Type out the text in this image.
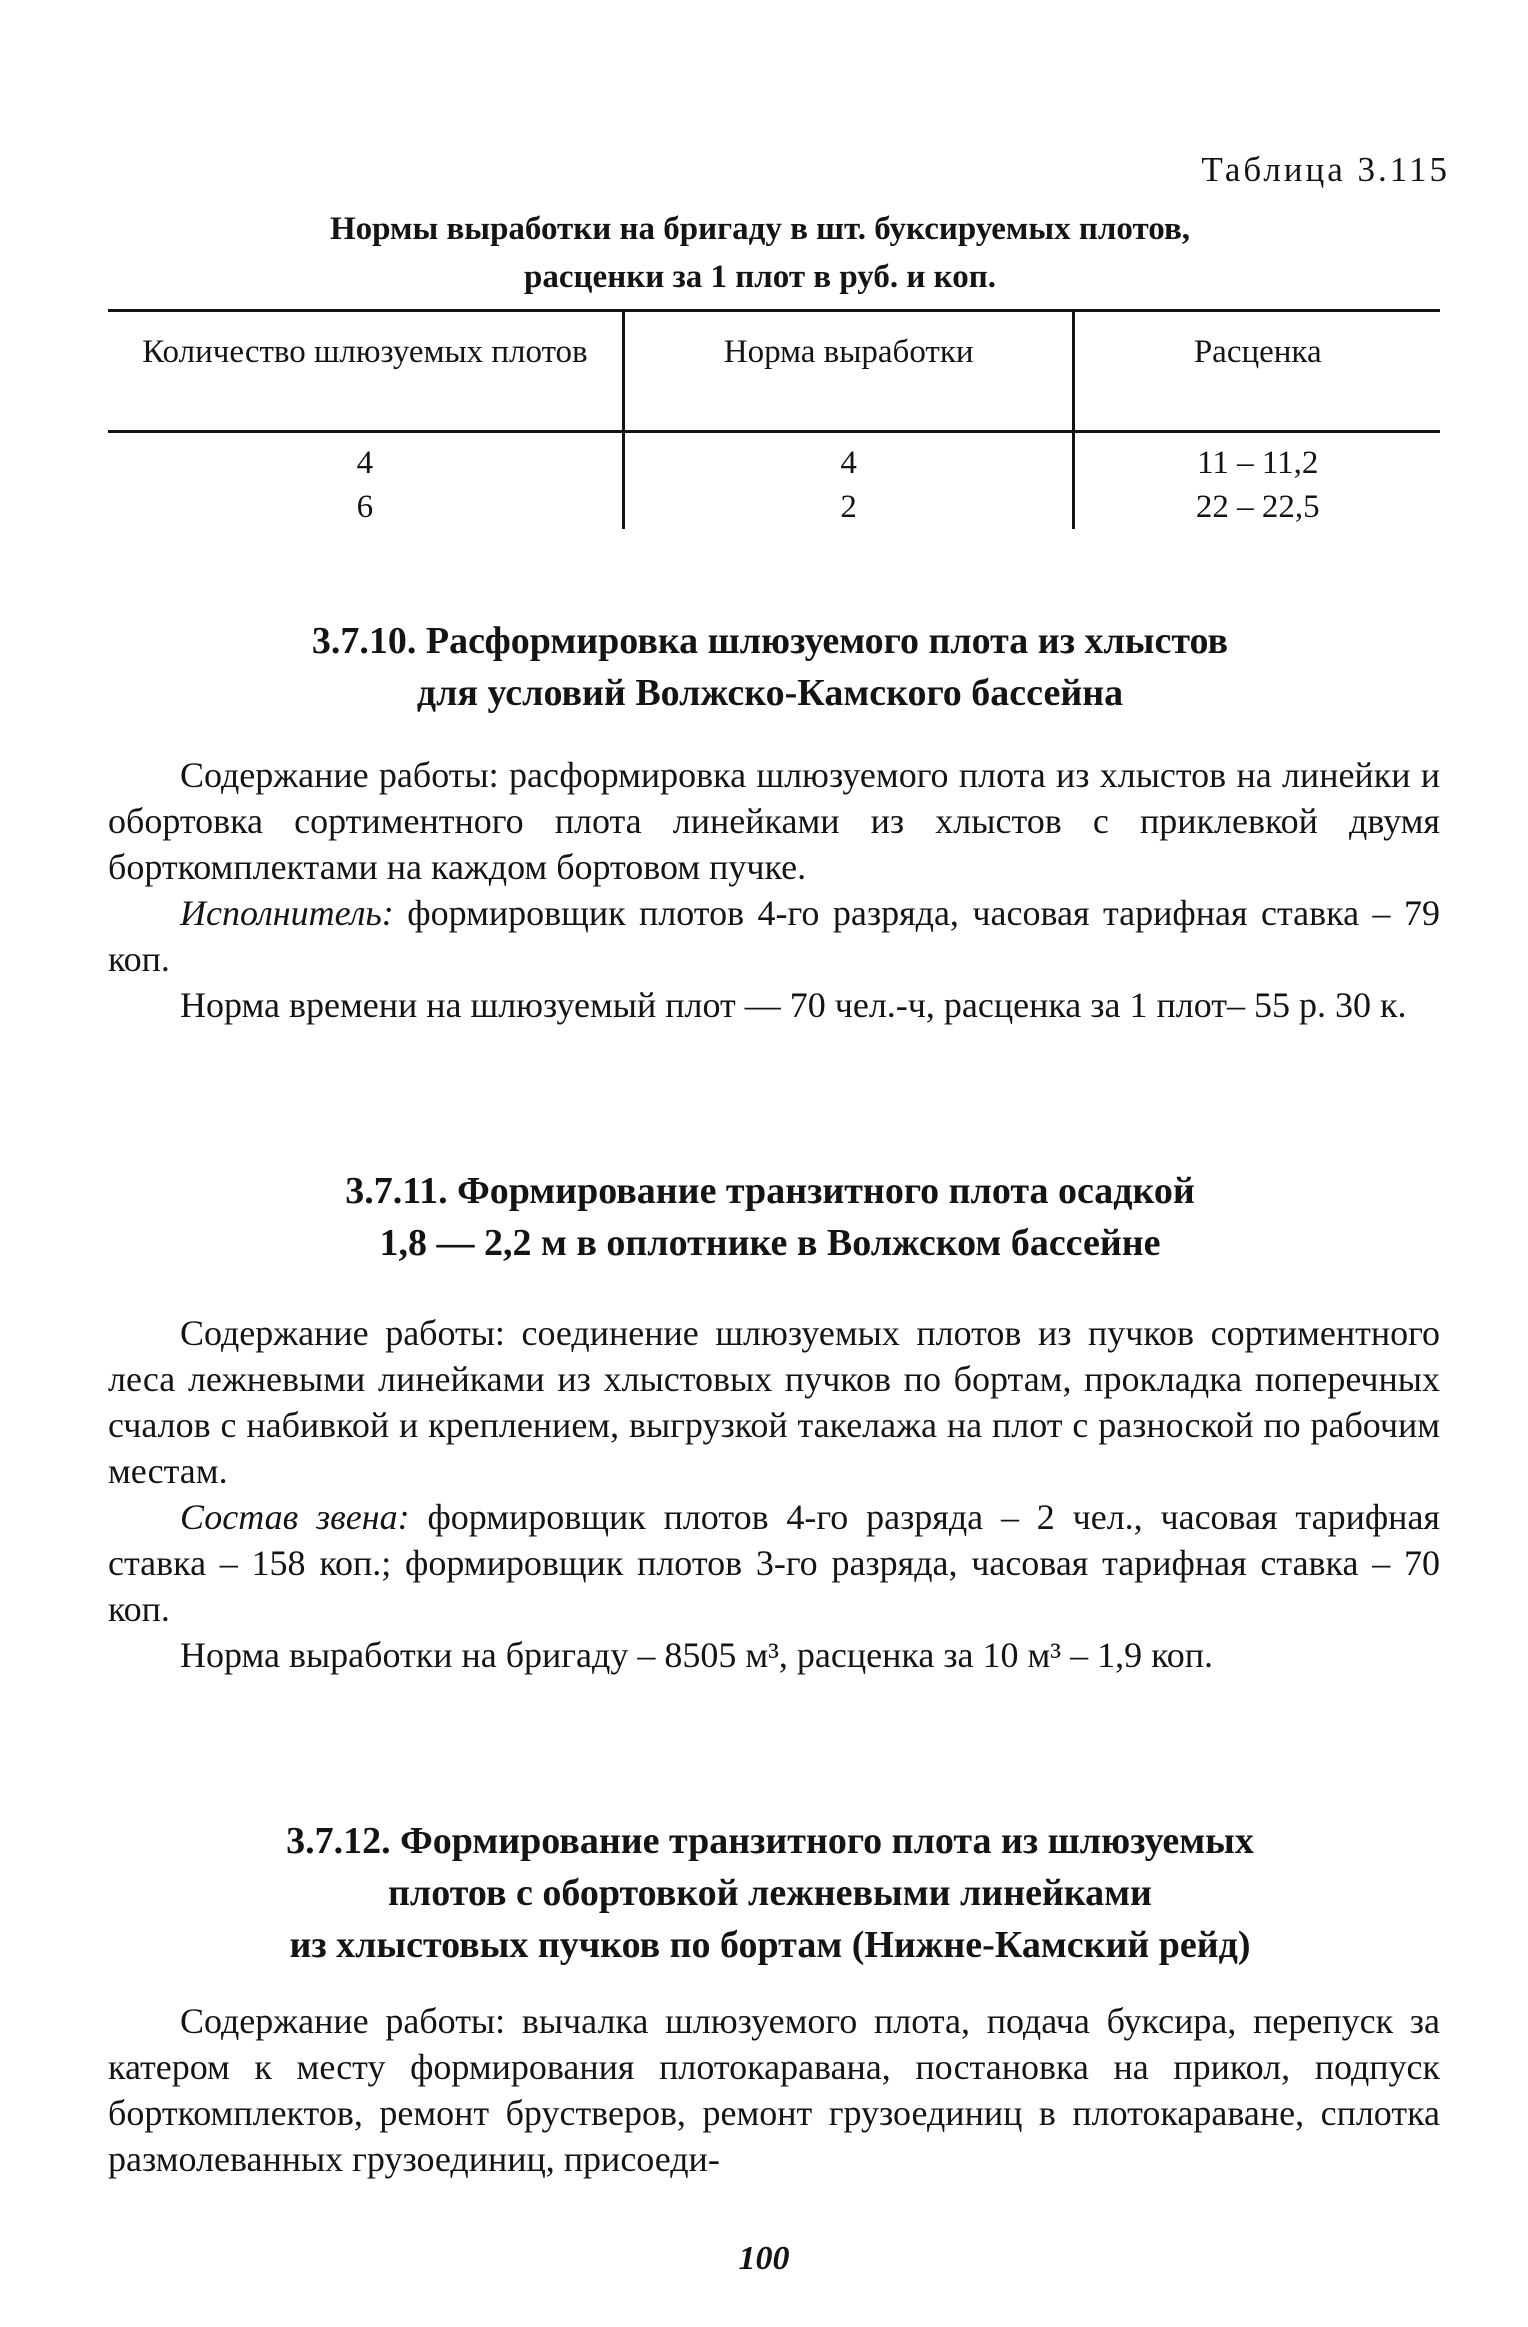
Таблица 3.115
Нормы выработки на бригаду в шт. буксируемых плотов,
расценки за 1 плот в руб. и коп.
Количество шлюзуемых плотов	Норма выработки	Расценка
4	4	11 – 11,2
6	2	22 – 22,5
3.7.10. Расформировка шлюзуемого плота из хлыстов
для условий Волжско-Камского бассейна

Содержание работы: расформировка шлюзуемого плота из хлыстов на линейки и обортовка сортиментного плота линейками из хлыстов с приклевкой двумя борткомплектами на каждом бортовом пучке.

Исполнитель: формировщик плотов 4-го разряда, часовая тарифная ставка – 79 коп.

Норма времени на шлюзуемый плот — 70 чел.-ч, расценка за 1 плот– 55 р. 30 к.

3.7.11. Формирование транзитного плота осадкой
1,8 — 2,2 м в оплотнике в Волжском бассейне

Содержание работы: соединение шлюзуемых плотов из пучков сортиментного леса лежневыми линейками из хлыстовых пучков по бортам, прокладка поперечных счалов с набивкой и креплением, выгрузкой такелажа на плот с разноской по рабочим местам.

Состав звена: формировщик плотов 4-го разряда – 2 чел., часовая тарифная ставка – 158 коп.; формировщик плотов 3-го разряда, часовая тарифная ставка – 70 коп.

Норма выработки на бригаду – 8505 м³, расценка за 10 м³ – 1,9 коп.

3.7.12. Формирование транзитного плота из шлюзуемых
плотов с обортовкой лежневыми линейками
из хлыстовых пучков по бортам (Нижне-Камский рейд)

Содержание работы: вычалка шлюзуемого плота, подача буксира, перепуск за катером к месту формирования плотокаравана, постановка на прикол, подпуск борткомплектов, ремонт брустверов, ремонт грузоединиц в плотокараване, сплотка размолеванных грузоединиц, присоеди-

100
